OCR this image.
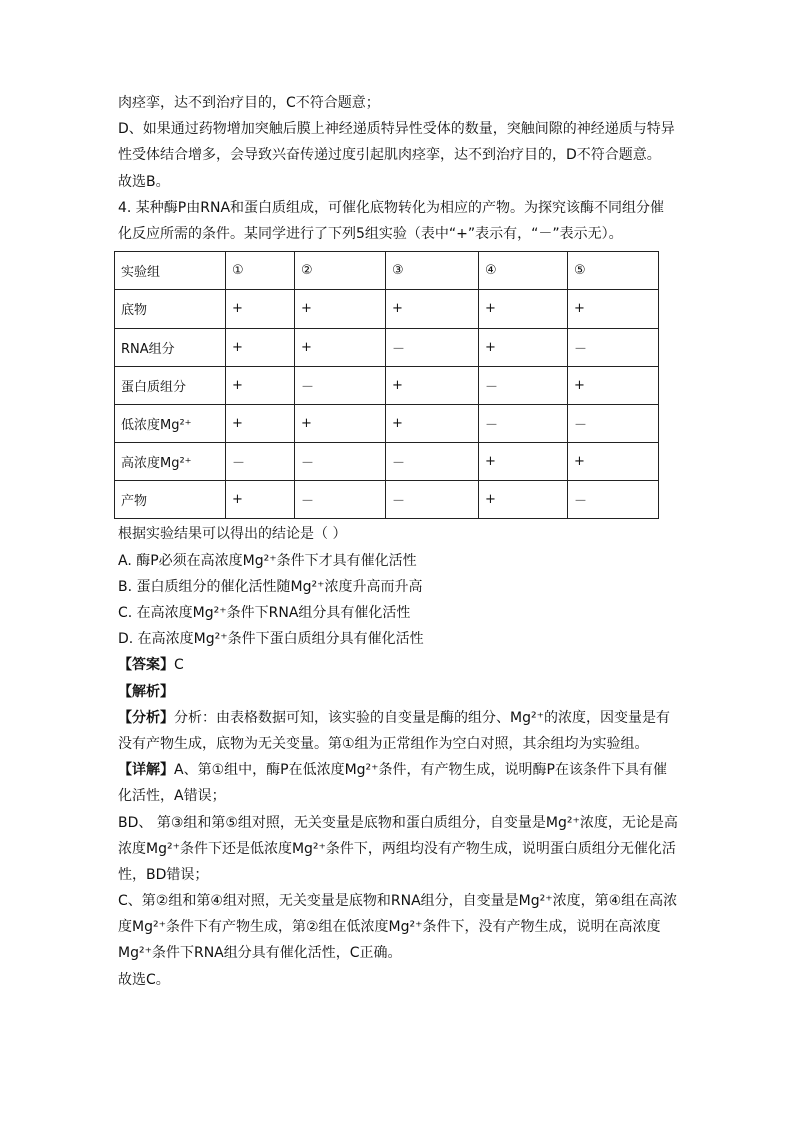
肉痉挛，达不到治疗目的，C不符合题意；
D、如果通过药物增加突触后膜上神经递质特异性受体的数量，突触间隙的神经递质与特异
性受体结合增多，会导致兴奋传递过度引起肌肉痉挛，达不到治疗目的，D不符合题意。
故选B。
4. 某种酶P由RNA和蛋白质组成，可催化底物转化为相应的产物。为探究该酶不同组分催
化反应所需的条件。某同学进行了下列5组实验（表中“+”表示有，“－”表示无）。
实验组	①	②	③	④	⑤
底物	+	+	+	+	+
RNA组分	+	+	－	+	－
蛋白质组分	+	－	+	－	+
低浓度Mg²⁺	+	+	+	－	－
高浓度Mg²⁺	－	－	－	+	+
产物	+	－	－	+	－
根据实验结果可以得出的结论是（ ）
A. 酶P必须在高浓度Mg²⁺条件下才具有催化活性
B. 蛋白质组分的催化活性随Mg²⁺浓度升高而升高
C. 在高浓度Mg²⁺条件下RNA组分具有催化活性
D. 在高浓度Mg²⁺条件下蛋白质组分具有催化活性
【答案】C
【解析】
【分析】分析：由表格数据可知，该实验的自变量是酶的组分、Mg²⁺的浓度，因变量是有
没有产物生成，底物为无关变量。第①组为正常组作为空白对照，其余组均为实验组。
【详解】A、第①组中，酶P在低浓度Mg²⁺条件，有产物生成，说明酶P在该条件下具有催
化活性，A错误；
BD、 第③组和第⑤组对照，无关变量是底物和蛋白质组分，自变量是Mg²⁺浓度，无论是高
浓度Mg²⁺条件下还是低浓度Mg²⁺条件下，两组均没有产物生成，说明蛋白质组分无催化活
性，BD错误；
C、第②组和第④组对照，无关变量是底物和RNA组分，自变量是Mg²⁺浓度，第④组在高浓
度Mg²⁺条件下有产物生成，第②组在低浓度Mg²⁺条件下，没有产物生成，说明在高浓度
Mg²⁺条件下RNA组分具有催化活性，C正确。
故选C。
